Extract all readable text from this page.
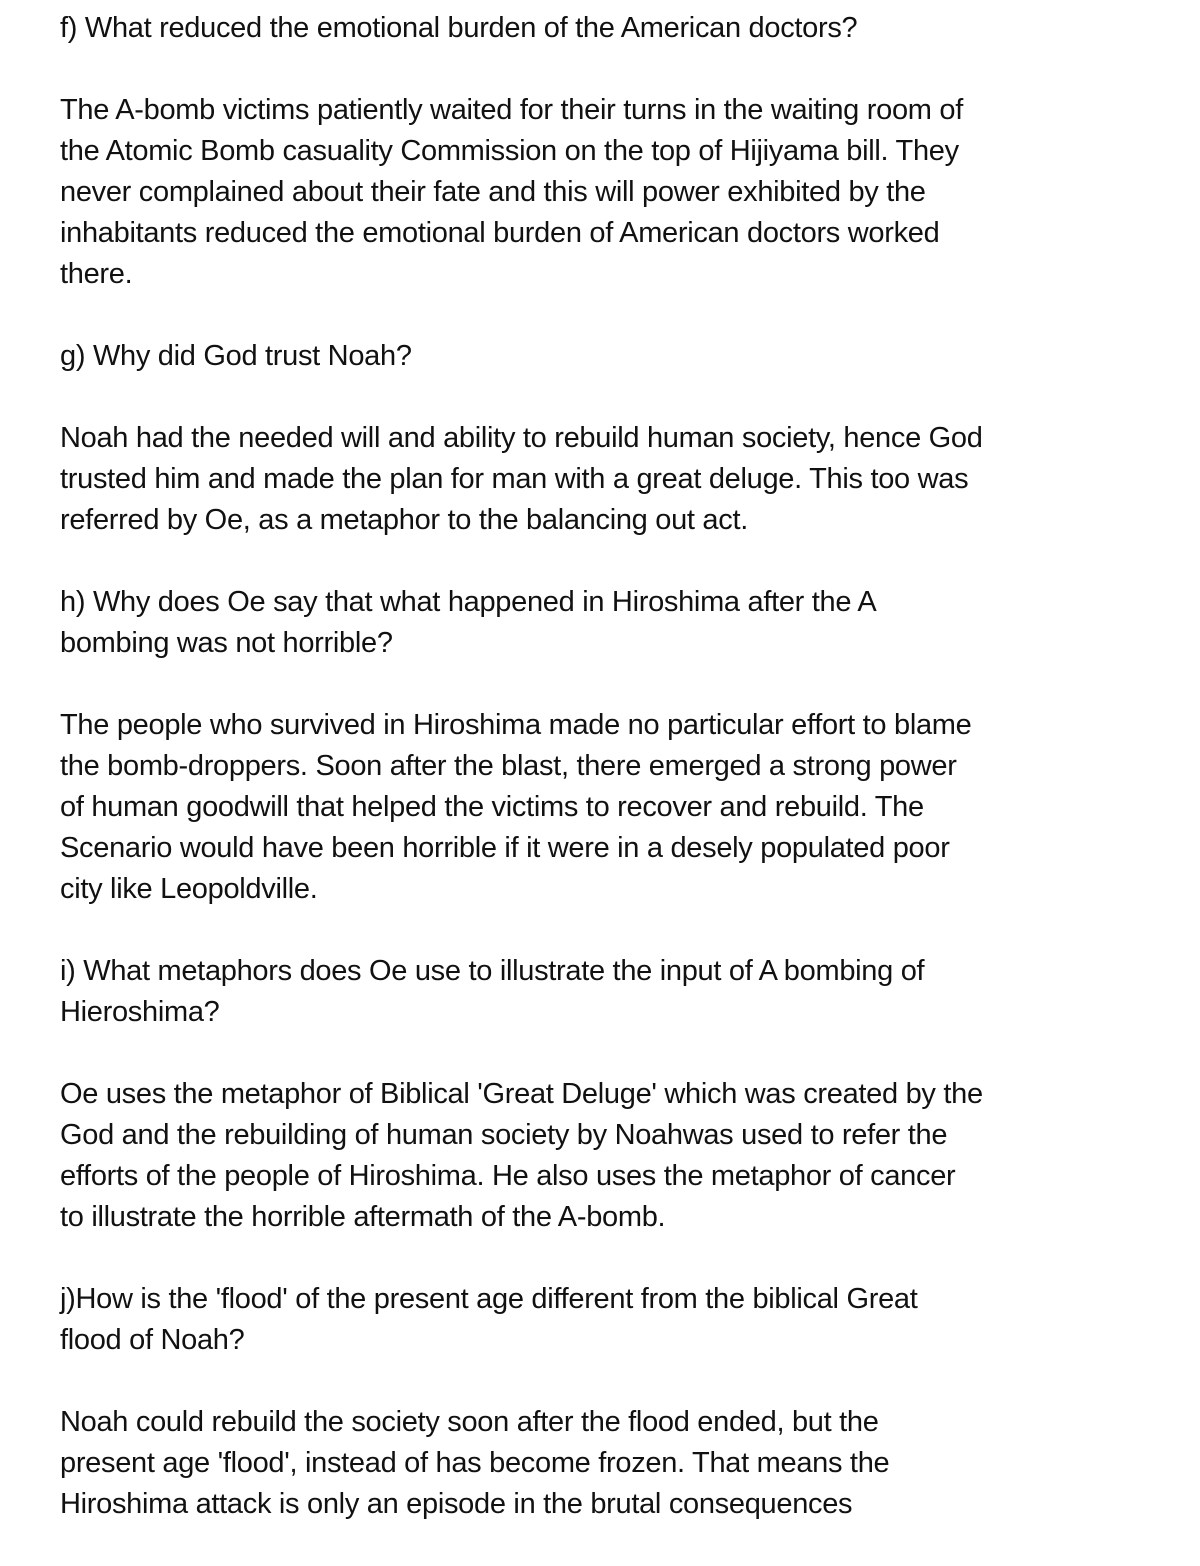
f) What reduced the emotional burden of the American doctors?

The A-bomb victims patiently waited for their turns in the waiting room of
the Atomic Bomb casuality Commission on the top of Hijiyama bill. They
never complained about their fate and this will power exhibited by the
inhabitants reduced the emotional burden of American doctors worked
there.

g) Why did God trust Noah?

Noah had the needed will and ability to rebuild human society, hence God
trusted him and made the plan for man with a great deluge. This too was
referred by Oe, as a metaphor to the balancing out act.

h) Why does Oe say that what happened in Hiroshima after the A
bombing was not horrible?

The people who survived in Hiroshima made no particular effort to blame
the bomb-droppers. Soon after the blast, there emerged a strong power
of human goodwill that helped the victims to recover and rebuild. The
Scenario would have been horrible if it were in a desely populated poor
city like Leopoldville.

i) What metaphors does Oe use to illustrate the input of A bombing of
Hieroshima?

Oe uses the metaphor of Biblical 'Great Deluge' which was created by the
God and the rebuilding of human society by Noahwas used to refer the
efforts of the people of Hiroshima. He also uses the metaphor of cancer
to illustrate the horrible aftermath of the A-bomb.

j)How is the 'flood' of the present age different from the biblical Great
flood of Noah?

Noah could rebuild the society soon after the flood ended, but the
present age 'flood', instead of has become frozen. That means the
Hiroshima attack is only an episode in the brutal consequences
